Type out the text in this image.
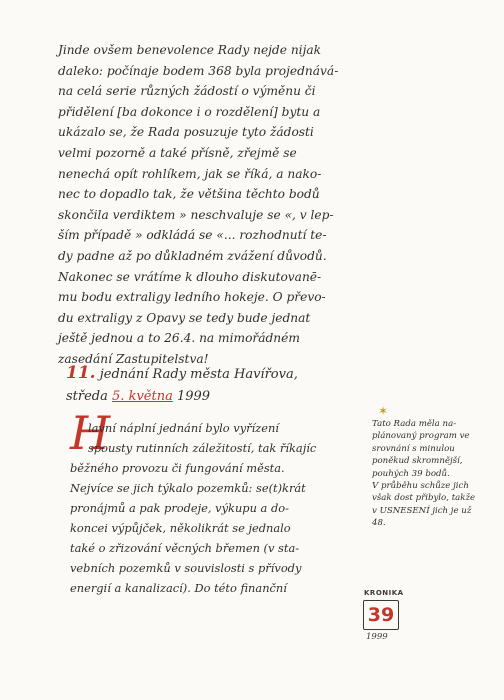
Jinde ovšem benevolence Rady nejde nijak
daleko: počínaje bodem 368 byla projednává-
na celá serie různých žádostí o výměnu či
přidělení [ba dokonce i o rozdělení] bytu a
ukázalo se, že Rada posuzuje tyto žádosti
velmi pozorně a také přísně, zřejmě se
nenechá opít rohlíkem, jak se říká, a nako-
nec to dopadlo tak, že většina těchto bodů
skončila verdiktem » neschvaluje se «, v lep-
ším případě » odkládá se «... rozhodnutí te-
dy padne až po důkladném zvážení důvodů.
Nakonec se vrátíme k dlouho diskutovanē-
mu bodu extraligy ledního hokeje. O převo-
du extraligy z Opavy se tedy bude jednat
ještě jednou a to 26.4. na mimořádném
zasedání Zastupitelstva!
11. jednání Rady města Havířova,
středa 5. května 1999
H
lavní náplní jednání bylo vyřízení
spousty rutinních záležitostí, tak říkajíc
běžného provozu či fungování města.
Nejvíce se jich týkalo pozemků: se(t)krát
pronájmů a pak prodeje, výkupu a do-
koncei výpůjček, několikrát se jednalo
také o zřizování věcných břemen (v sta-
vebních pozemků v souvislosti s přívody
energií a kanalizací). Do této finanční
✶
Tato Rada měla na-
plánovaný program ve
srovnání s minulou
poněkud skromnější,
pouhých 39 bodů.
V průběhu schůze jich
však dost přibylo, takže
v USNESENÍ jich je už
48.
KRONIKA
39
1999
